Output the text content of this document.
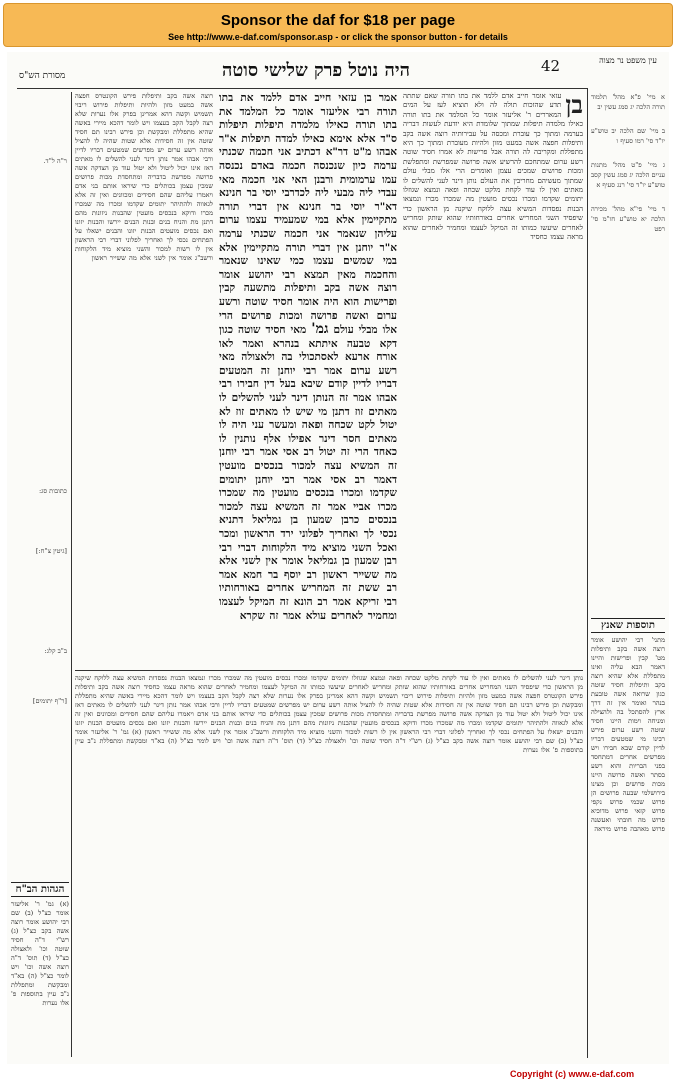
Sponsor the daf for $18 per page
See http://www.e-daf.com/sponsor.asp - or click the sponsor button - for details
מסורת הש"ס	היה נוטל פרק שלישי סוטה	42	עין משפט נר מצוה
ר"ה ל"ד.
כתובות סג:
[גיטין צ"ח:]
ב"ב קלג:
[ר"ף יתומים]
הגהות הב"ח
(א) גמ' ר' אליעזר אומר כצ"ל (ב) שם רבי יהושע אומר רוצה אשה בקב כצ"ל (ג) רש"י ד"ה חסיד שוטה וכו' ולאצולה כצ"ל (ד) תוס' ד"ה רוצה אשה וכו' ויש לומר כצ"ל (ה) בא"ד ומבקשת ומתפללת נ"ב עיין בתוספות פ' אלו נערות
רוצה אשה בקב ותיפלות פירש הקונטרס חפצה אשה במעט מזון ולהיות ותיפלות פירוש ריבוי תשמיש וקשה דהא אמרינן בפרק אלו נערות שלא רצה לקבל הקב בעצמו ויש לומר דהכא מיירי באשה שהיא מתפללת ומבקשת וכן פירש רבינו תם חסיד שוטה אין זה חסידות אלא שטות שהיה לו להציל אותה רשע ערום יש מפרשים שמטעים דבריו לדיין ורבי אבהו אמר נותן דינר לעני להשלים לו מאתים דאז אינו יכול ליטול ולא יטול עוד מן הצדקה אשה פרושה מפרשת בדבריה ומתחסדת מכות פרושים שמכין עצמן בכותלים כדי שיראו אותם בני אדם ויאמרו עליהם שהם חסידים ומכוונים ואין זה אלא לגאווה ולהתיהר יתומים שקדמו ומכרו מה שמכרו מכרו ודוקא בנכסים מועטין שהבנות ניזונות מהם דתנן מת והניח בנים ובנות הבנים יירשו והבנות יזונו ואם נכסים מועטים הבנות יזונו והבנים ישאלו על הפתחים נכסי לך ואחריך לפלוני דברי רבי הראשון אין לו רשות למכור והשני מוציא מיד הלקוחות ורשב"ג אומר אין לשני אלא מה ששייר ראשון
אמר בן עזאי חייב אדם ללמד את בתו תורה רבי אליעזר אומר כל המלמד את בתו תורה כאילו מלמדה תיפלות תיפלות ס"ד אלא אימא כאילו למדה תיפלות א"ר אבהו מ"ט דר"א דכתיב אני חכמה שכנתי ערמה כיון שנכנסה חכמה באדם נכנסה עמו ערמומית ורבנן האי אני חכמה מאי עבדי ליה מבעי ליה לכדרבי יוסי בר חנינא דא"ר יוסי בר חנינא אין דברי תורה מתקיימין אלא במי שמעמיד עצמו ערום עליהן שנאמר אני חכמה שכנתי ערמה א"ר יוחנן אין דברי תורה מתקיימין אלא במי שמשים עצמו כמי שאינו שנאמר והחכמה מאין תמצא רבי יהושע אומר רוצה אשה בקב ותיפלות מתשעה קבין ופרישות הוא היה אומר חסיד שוטה ורשע ערום ואשה פרושה ומכות פרושים הרי אלו מבלי עולם גמ' מאי חסיד שוטה כגון דקא טבעה איתתא בנהרא ואמר לאו אורח ארעא לאסתכולי בה ולאצולה מאי רשע ערום אמר רבי יוחנן זה המטעים דבריו לדיין קודם שיבא בעל דין חבירו רבי אבהו אמר זה הנותן דינר לעני להשלים לו מאתים זוז דתנן מי שיש לו מאתים זוז לא יטול לקט שכחה ופאה ומעשר עני היה לו מאתים חסר דינר אפילו אלף נותנין לו כאחד הרי זה יטול רב אסי אמר רבי יוחנן זה המשיא עצה למכור בנכסים מועטין דאמר רב אסי אמר רבי יוחנן יתומים שקדמו ומכרו בנכסים מועטין מה שמכרו מכרו אביי אמר זה המשיא עצה למכור בנכסים כרבן שמעון בן גמליאל דתניא נכסי לך ואחריך לפלוני ירד הראשון ומכר ואכל השני מוציא מיד הלקוחות דברי רבי רבן שמעון בן גמליאל אומר אין לשני אלא מה ששייר ראשון רב יוסף בר חמא אמר רב ששת זה המחריש אחרים באורחותיו רבי זריקא אמר רב הונא זה המיקל לעצמו ומחמיר לאחרים עולא אמר זה שקרא
בן
עזאי אומר חייב אדם ללמד את בתו תורה שאם שתתה תדע שהזכות תולה לה ולא תוציא לעז על המים המאררים ר' אליעזר אומר כל המלמד את בתו תורה כאילו מלמדה תיפלות שמתוך שלומדת היא יודעת לעשות דבריה בערמה ומתוך כך עוברת ומכסה על עבירותיה רוצה אשה בקב ותיפלות חפצה אשה במעט מזון ולהיות מעוברת ומתוך כך היא מתפללת ומקריבה לה תורה אבל פרישות לא אמרו חסיד שוטה רשע ערום שמתחכם להרשיע אשה פרושה שמפרשת ומתפלשת ומכות פרושים שמכים עצמן ואומרים הרי אלו מבלי עולם שמתוך מעשיהם מחריבין את העולם נותן דינר לעני להשלים לו מאתים ואין לו עוד לקחת מלקט שכחה ופאה ונמצא שגוזלו יתומים שקדמו ומכרו נכסים מועטין מה שמכרו מכרו ונמצאו הבנות נפסדות המשיא עצה ללוקח שיקנה מן הראשון כדי שיפסיד השני המחריש אחרים באורחותיו שהוא שותק ומחריש לאחרים שיעשו כמותו זה המיקל לעצמו ומחמיר לאחרים שהוא מראה עצמו כחסיד
נותן דינר לעני להשלים לו מאתים ואין לו עוד לקחת מלקט שכחה ופאה ונמצא שגוזלו יתומים שקדמו ומכרו נכסים מועטין מה שמכרו מכרו ונמצאו הבנות נפסדות המשיא עצה ללוקח שיקנה מן הראשון כדי שיפסיד השני המחריש אחרים באורחותיו שהוא שותק ומחריש לאחרים שיעשו כמותו זה המיקל לעצמו ומחמיר לאחרים שהוא מראה עצמו כחסיד רוצה אשה בקב ותיפלות פירש הקונטרס חפצה אשה במעט מזון ולהיות ותיפלות פירוש ריבוי תשמיש וקשה דהא אמרינן בפרק אלו נערות שלא רצה לקבל הקב בעצמו ויש לומר דהכא מיירי באשה שהיא מתפללת ומבקשת וכן פירש רבינו תם חסיד שוטה אין זה חסידות אלא שטות שהיה לו להציל אותה רשע ערום יש מפרשים שמטעים דבריו לדיין ורבי אבהו אמר נותן דינר לעני להשלים לו מאתים דאז אינו יכול ליטול ולא יטול עוד מן הצדקה אשה פרושה מפרשת בדבריה ומתחסדת מכות פרושים שמכין עצמן בכותלים כדי שיראו אותם בני אדם ויאמרו עליהם שהם חסידים ומכוונים ואין זה אלא לגאווה ולהתיהר יתומים שקדמו ומכרו מה שמכרו מכרו ודוקא בנכסים מועטין שהבנות ניזונות מהם דתנן מת והניח בנים ובנות הבנים יירשו והבנות יזונו ואם נכסים מועטים הבנות יזונו והבנים ישאלו על הפתחים נכסי לך ואחריך לפלוני דברי רבי הראשון אין לו רשות למכור והשני מוציא מיד הלקוחות ורשב"ג אומר אין לשני אלא מה ששייר ראשון (א) גמ' ר' אליעזר אומר כצ"ל (ב) שם רבי יהושע אומר רוצה אשה בקב כצ"ל (ג) רש"י ד"ה חסיד שוטה וכו' ולאצולה כצ"ל (ד) תוס' ד"ה רוצה אשה וכו' ויש לומר כצ"ל (ה) בא"ד ומבקשת ומתפללת נ"ב עיין בתוספות פ' אלו נערות
א מיי' פ"א מהל' תלמוד תורה הלכה יג סמג עשין יב
ב מיי' שם הלכה יב טוש"ע יו"ד סי' רמו סעיף ו
ג מיי' פ"ט מהל' מתנות עניים הלכה יג סמג עשין קסב טוש"ע יו"ד סי' רנג סעיף א
ד מיי' פי"א מהל' מכירה הלכה יא טוש"ע חו"מ סי' רפט
תוספות שאנץ
מתני' רבי יהושע אומר רוצה אשה בקב ותיפלות מט' קבין ופרישות והיינו דאמר הבא עליה ואינו מתפללת אלא שהיא רוצה בקב ותיפלות חסיד שוטה כגון שרואה אשה טובעת בנהר ואומר אין זה דרך ארץ להסתכל בה ולהצילה ומניחה וימות היינו חסיד שוטה רשע ערום פירש רבינו מי שמטעים דבריו לדיין קודם שבא חבירו ויש מפרשים אחרים דמתחסד בפני הבריות והוא רשע בסתר ואשה פרושה היינו מכות פרושים וכן מצינו בירושלמי שבעה פרושים הן פרוש שכמי פרוש נקפי פרוש קזאי פרוש מדוכיא פרוש מה חובתי ואעשנה פרוש מאהבה פרוש מיראה
Copyright (c) www.e-daf.com
